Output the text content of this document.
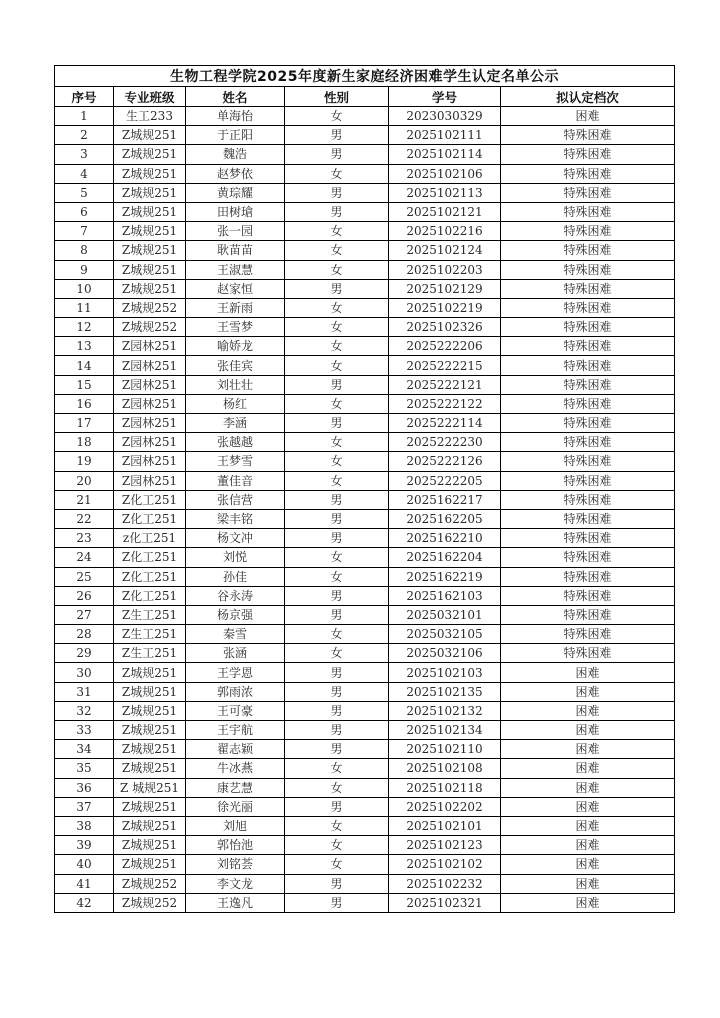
生物工程学院2025年度新生家庭经济困难学生认定名单公示					
序号	专业班级	姓名	性别	学号	拟认定档次
1	生工233	单海怡	女	2023030329	困难
2	Z城规251	于正阳	男	2025102111	特殊困难
3	Z城规251	魏浩	男	2025102114	特殊困难
4	Z城规251	赵梦依	女	2025102106	特殊困难
5	Z城规251	黄琮耀	男	2025102113	特殊困难
6	Z城规251	田树瑲	男	2025102121	特殊困难
7	Z城规251	张一园	女	2025102216	特殊困难
8	Z城规251	耿苗苗	女	2025102124	特殊困难
9	Z城规251	王淑慧	女	2025102203	特殊困难
10	Z城规251	赵家恒	男	2025102129	特殊困难
11	Z城规252	王新雨	女	2025102219	特殊困难
12	Z城规252	王雪梦	女	2025102326	特殊困难
13	Z园林251	喻娇龙	女	2025222206	特殊困难
14	Z园林251	张佳宾	女	2025222215	特殊困难
15	Z园林251	刘壮壮	男	2025222121	特殊困难
16	Z园林251	杨红	女	2025222122	特殊困难
17	Z园林251	李涵	男	2025222114	特殊困难
18	Z园林251	张越越	女	2025222230	特殊困难
19	Z园林251	王梦雪	女	2025222126	特殊困难
20	Z园林251	董佳音	女	2025222205	特殊困难
21	Z化工251	张信营	男	2025162217	特殊困难
22	Z化工251	梁丰铭	男	2025162205	特殊困难
23	z化工251	杨文冲	男	2025162210	特殊困难
24	Z化工251	刘悦	女	2025162204	特殊困难
25	Z化工251	孙佳	女	2025162219	特殊困难
26	Z化工251	谷永涛	男	2025162103	特殊困难
27	Z生工251	杨京强	男	2025032101	特殊困难
28	Z生工251	秦雪	女	2025032105	特殊困难
29	Z生工251	张涵	女	2025032106	特殊困难
30	Z城规251	王学恩	男	2025102103	困难
31	Z城规251	郭雨浓	男	2025102135	困难
32	Z城规251	王可豪	男	2025102132	困难
33	Z城规251	王宇航	男	2025102134	困难
34	Z城规251	翟志颖	男	2025102110	困难
35	Z城规251	牛冰燕	女	2025102108	困难
36	Z 城规251	康艺慧	女	2025102118	困难
37	Z城规251	徐光丽	男	2025102202	困难
38	Z城规251	刘旭	女	2025102101	困难
39	Z城规251	郭怡池	女	2025102123	困难
40	Z城规251	刘铭荟	女	2025102102	困难
41	Z城规252	李文龙	男	2025102232	困难
42	Z城规252	王逸凡	男	2025102321	困难
